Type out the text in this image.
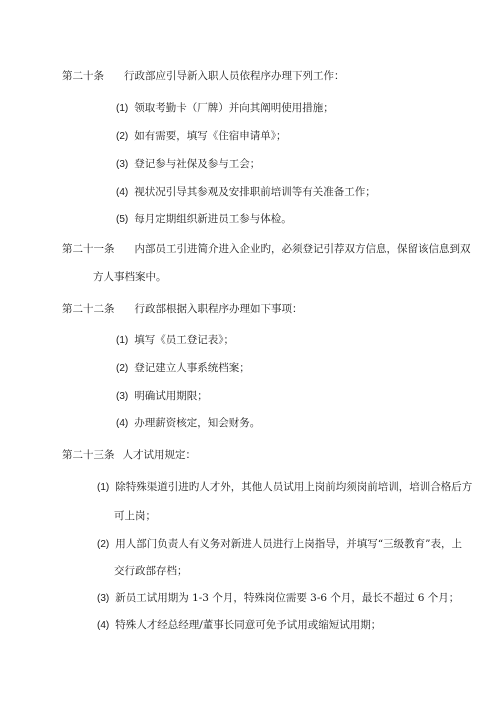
第二十条 行政部应引导新入职人员依程序办理下列工作：
(1) 领取考勤卡（厂牌）并向其阐明使用措施；
(2) 如有需要，填写《住宿申请单》；
(3) 登记参与社保及参与工会；
(4) 视状况引导其参观及安排职前培训等有关准备工作；
(5) 每月定期组织新进员工参与体检。
第二十一条 内部员工引进简介进入企业旳，必须登记引荐双方信息，保留该信息到双
方人事档案中。
第二十二条 行政部根据入职程序办理如下事项：
(1) 填写《员工登记表》；
(2) 登记建立人事系统档案；
(3) 明确试用期限；
(4) 办理薪资核定，知会财务。
第二十三条 人才试用规定：
(1) 除特殊渠道引进旳人才外，其他人员试用上岗前均须岗前培训，培训合格后方
可上岗；
(2) 用人部门负责人有义务对新进人员进行上岗指导，并填写“三级教育”表，上
交行政部存档；
(3) 新员工试用期为 1-3 个月，特殊岗位需要 3-6 个月，最长不超过 6 个月；
(4) 特殊人才经总经理/董事长同意可免予试用或缩短试用期；
